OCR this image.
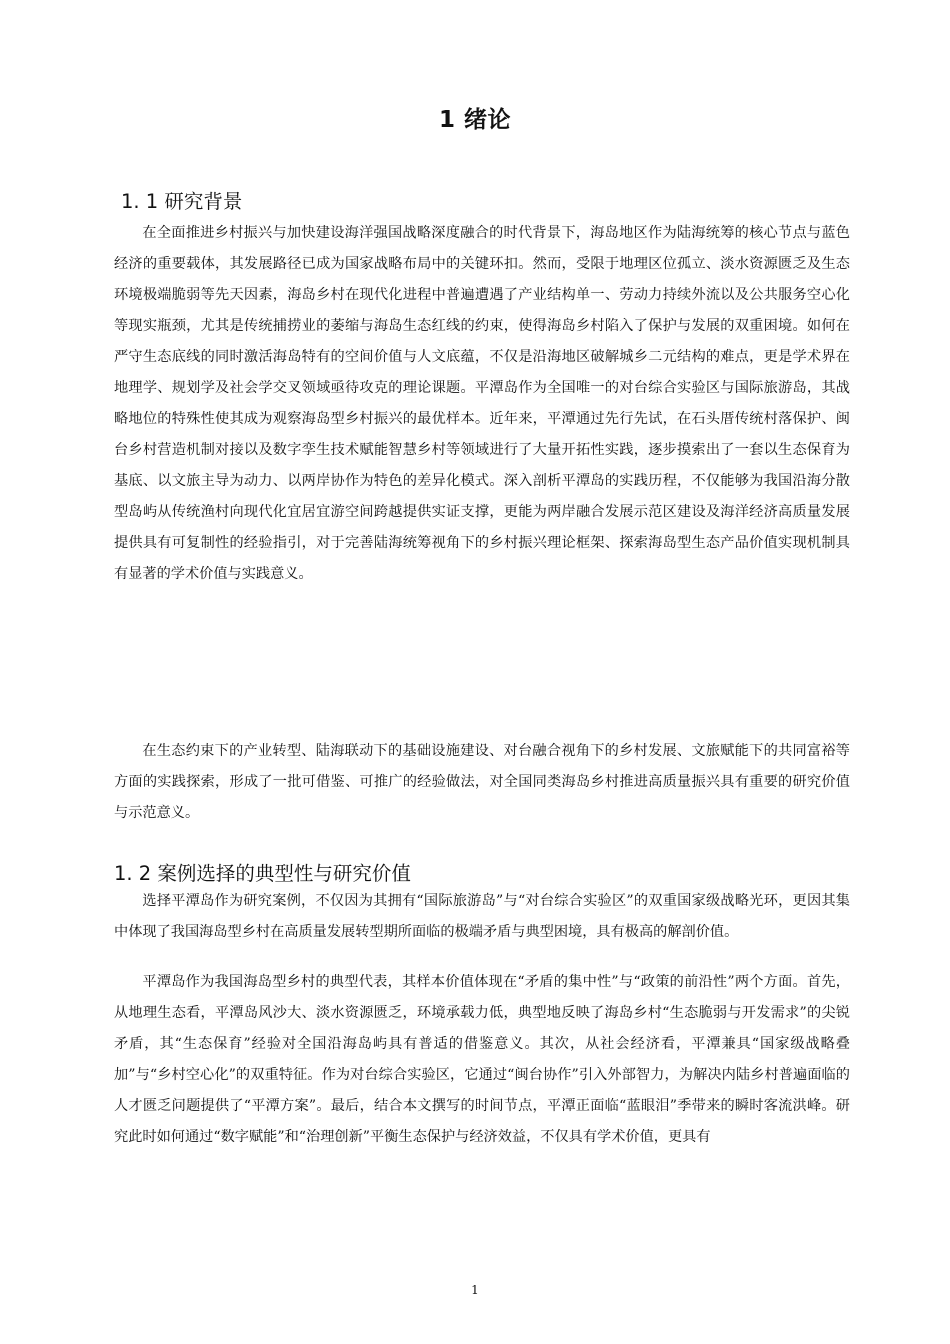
1 绪论
1. 1 研究背景

在全面推进乡村振兴与加快建设海洋强国战略深度融合的时代背景下，海岛地区作为陆海统筹的核心节点与蓝色经济的重要载体，其发展路径已成为国家战略布局中的关键环扣。然而，受限于地理区位孤立、淡水资源匮乏及生态环境极端脆弱等先天因素，海岛乡村在现代化进程中普遍遭遇了产业结构单一、劳动力持续外流以及公共服务空心化等现实瓶颈，尤其是传统捕捞业的萎缩与海岛生态红线的约束，使得海岛乡村陷入了保护与发展的双重困境。如何在严守生态底线的同时激活海岛特有的空间价值与人文底蕴，不仅是沿海地区破解城乡二元结构的难点，更是学术界在地理学、规划学及社会学交叉领域亟待攻克的理论课题。平潭岛作为全国唯一的对台综合实验区与国际旅游岛，其战略地位的特殊性使其成为观察海岛型乡村振兴的最优样本。近年来，平潭通过先行先试，在石头厝传统村落保护、闽台乡村营造机制对接以及数字孪生技术赋能智慧乡村等领域进行了大量开拓性实践，逐步摸索出了一套以生态保育为基底、以文旅主导为动力、以两岸协作为特色的差异化模式。深入剖析平潭岛的实践历程，不仅能够为我国沿海分散型岛屿从传统渔村向现代化宜居宜游空间跨越提供实证支撑，更能为两岸融合发展示范区建设及海洋经济高质量发展提供具有可复制性的经验指引，对于完善陆海统筹视角下的乡村振兴理论框架、探索海岛型生态产品价值实现机制具有显著的学术价值与实践意义。

在生态约束下的产业转型、陆海联动下的基础设施建设、对台融合视角下的乡村发展、文旅赋能下的共同富裕等方面的实践探索，形成了一批可借鉴、可推广的经验做法，对全国同类海岛乡村推进高质量振兴具有重要的研究价值与示范意义。

1. 2 案例选择的典型性与研究价值

选择平潭岛作为研究案例，不仅因为其拥有“国际旅游岛”与“对台综合实验区”的双重国家级战略光环，更因其集中体现了我国海岛型乡村在高质量发展转型期所面临的极端矛盾与典型困境，具有极高的解剖价值。

平潭岛作为我国海岛型乡村的典型代表，其样本价值体现在“矛盾的集中性”与“政策的前沿性”两个方面。首先，从地理生态看，平潭岛风沙大、淡水资源匮乏，环境承载力低，典型地反映了海岛乡村“生态脆弱与开发需求”的尖锐矛盾，其“生态保育”经验对全国沿海岛屿具有普适的借鉴意义。其次，从社会经济看，平潭兼具“国家级战略叠加”与“乡村空心化”的双重特征。作为对台综合实验区，它通过“闽台协作”引入外部智力，为解决内陆乡村普遍面临的人才匮乏问题提供了“平潭方案”。最后，结合本文撰写的时间节点，平潭正面临“蓝眼泪”季带来的瞬时客流洪峰。研究此时如何通过“数字赋能”和“治理创新”平衡生态保护与经济效益，不仅具有学术价值，更具有

1
